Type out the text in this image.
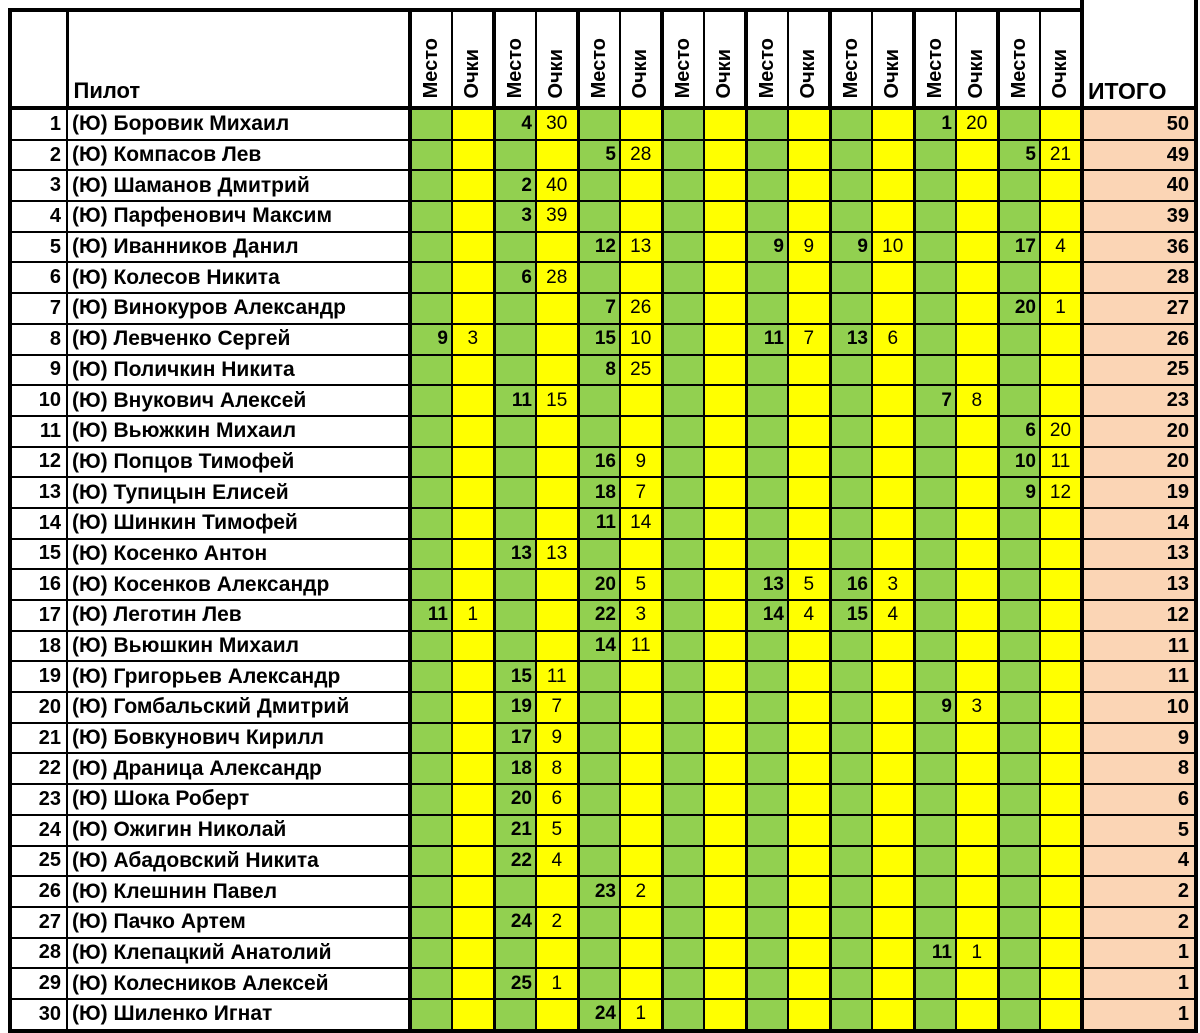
	Пилот	Место	Очки	Место	Очки	Место	Очки	Место	Очки	Место	Очки	Место	Очки	Место	Очки	Место	Очки	ИТОГО
1	(Ю) Боровик Михаил			4	30									1	20			50
2	(Ю) Компасов Лев					5	28									5	21	49
3	(Ю) Шаманов Дмитрий			2	40													40
4	(Ю) Парфенович Максим			3	39													39
5	(Ю) Иванников Данил					12	13			9	9	9	10			17	4	36
6	(Ю) Колесов Никита			6	28													28
7	(Ю) Винокуров Александр					7	26									20	1	27
8	(Ю) Левченко Сергей	9	3			15	10			11	7	13	6					26
9	(Ю) Поличкин Никита					8	25											25
10	(Ю) Внукович Алексей			11	15									7	8			23
11	(Ю) Вьюжкин Михаил															6	20	20
12	(Ю) Попцов Тимофей					16	9									10	11	20
13	(Ю) Тупицын Елисей					18	7									9	12	19
14	(Ю) Шинкин Тимофей					11	14											14
15	(Ю) Косенко Антон			13	13													13
16	(Ю) Косенков Александр					20	5			13	5	16	3					13
17	(Ю) Леготин Лев	11	1			22	3			14	4	15	4					12
18	(Ю) Вьюшкин Михаил					14	11											11
19	(Ю) Григорьев Александр			15	11													11
20	(Ю) Гомбальский Дмитрий			19	7									9	3			10
21	(Ю) Бовкунович Кирилл			17	9													9
22	(Ю) Драница Александр			18	8													8
23	(Ю) Шока Роберт			20	6													6
24	(Ю) Ожигин Николай			21	5													5
25	(Ю) Абадовский Никита			22	4													4
26	(Ю) Клешнин Павел					23	2											2
27	(Ю) Пачко Артем			24	2													2
28	(Ю) Клепацкий Анатолий													11	1			1
29	(Ю) Колесников Алексей			25	1													1
30	(Ю) Шиленко Игнат					24	1											1
